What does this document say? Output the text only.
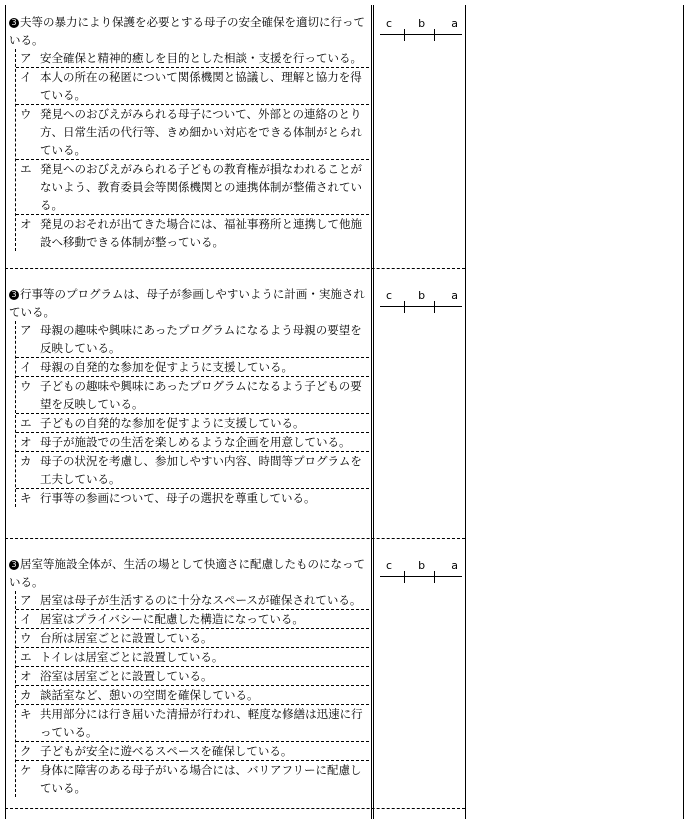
3 夫等の暴力により保護を必要とする母子の安全確保を適切に行っている。
ア 安全確保と精神的癒しを目的とした相談・支援を行っている。
イ 本人の所在の秘匿について関係機関と協議し、理解と協力を得ている。
ウ 発見へのおびえがみられる母子について、外部との連絡のとり方、日常生活の代行等、きめ細かい対応をできる体制がとられている。
エ 発見へのおびえがみられる子どもの教育権が損なわれることがないよう、教育委員会等関係機関との連携体制が整備されている。
オ 発見のおそれが出てきた場合には、福祉事務所と連携して他施設へ移動できる体制が整っている。
c b a
3 行事等のプログラムは、母子が参画しやすいように計画・実施されている。
ア 母親の趣味や興味にあったプログラムになるよう母親の要望を反映している。
イ 母親の自発的な参加を促すように支援している。
ウ 子どもの趣味や興味にあったプログラムになるよう子どもの要望を反映している。
エ 子どもの自発的な参加を促すように支援している。
オ 母子が施設での生活を楽しめるような企画を用意している。
カ 母子の状況を考慮し、参加しやすい内容、時間等プログラムを工夫している。
キ 行事等の参画について、母子の選択を尊重している。
c b a
3 居室等施設全体が、生活の場として快適さに配慮したものになっている。
ア 居室は母子が生活するのに十分なスペースが確保されている。
イ 居室はプライバシーに配慮した構造になっている。
ウ 台所は居室ごとに設置している。
エ トイレは居室ごとに設置している。
オ 浴室は居室ごとに設置している。
カ 談話室など、憩いの空間を確保している。
キ 共用部分には行き届いた清掃が行われ、軽度な修繕は迅速に行っている。
ク 子どもが安全に遊べるスペースを確保している。
ケ 身体に障害のある母子がいる場合には、バリアフリーに配慮している。
c b a
